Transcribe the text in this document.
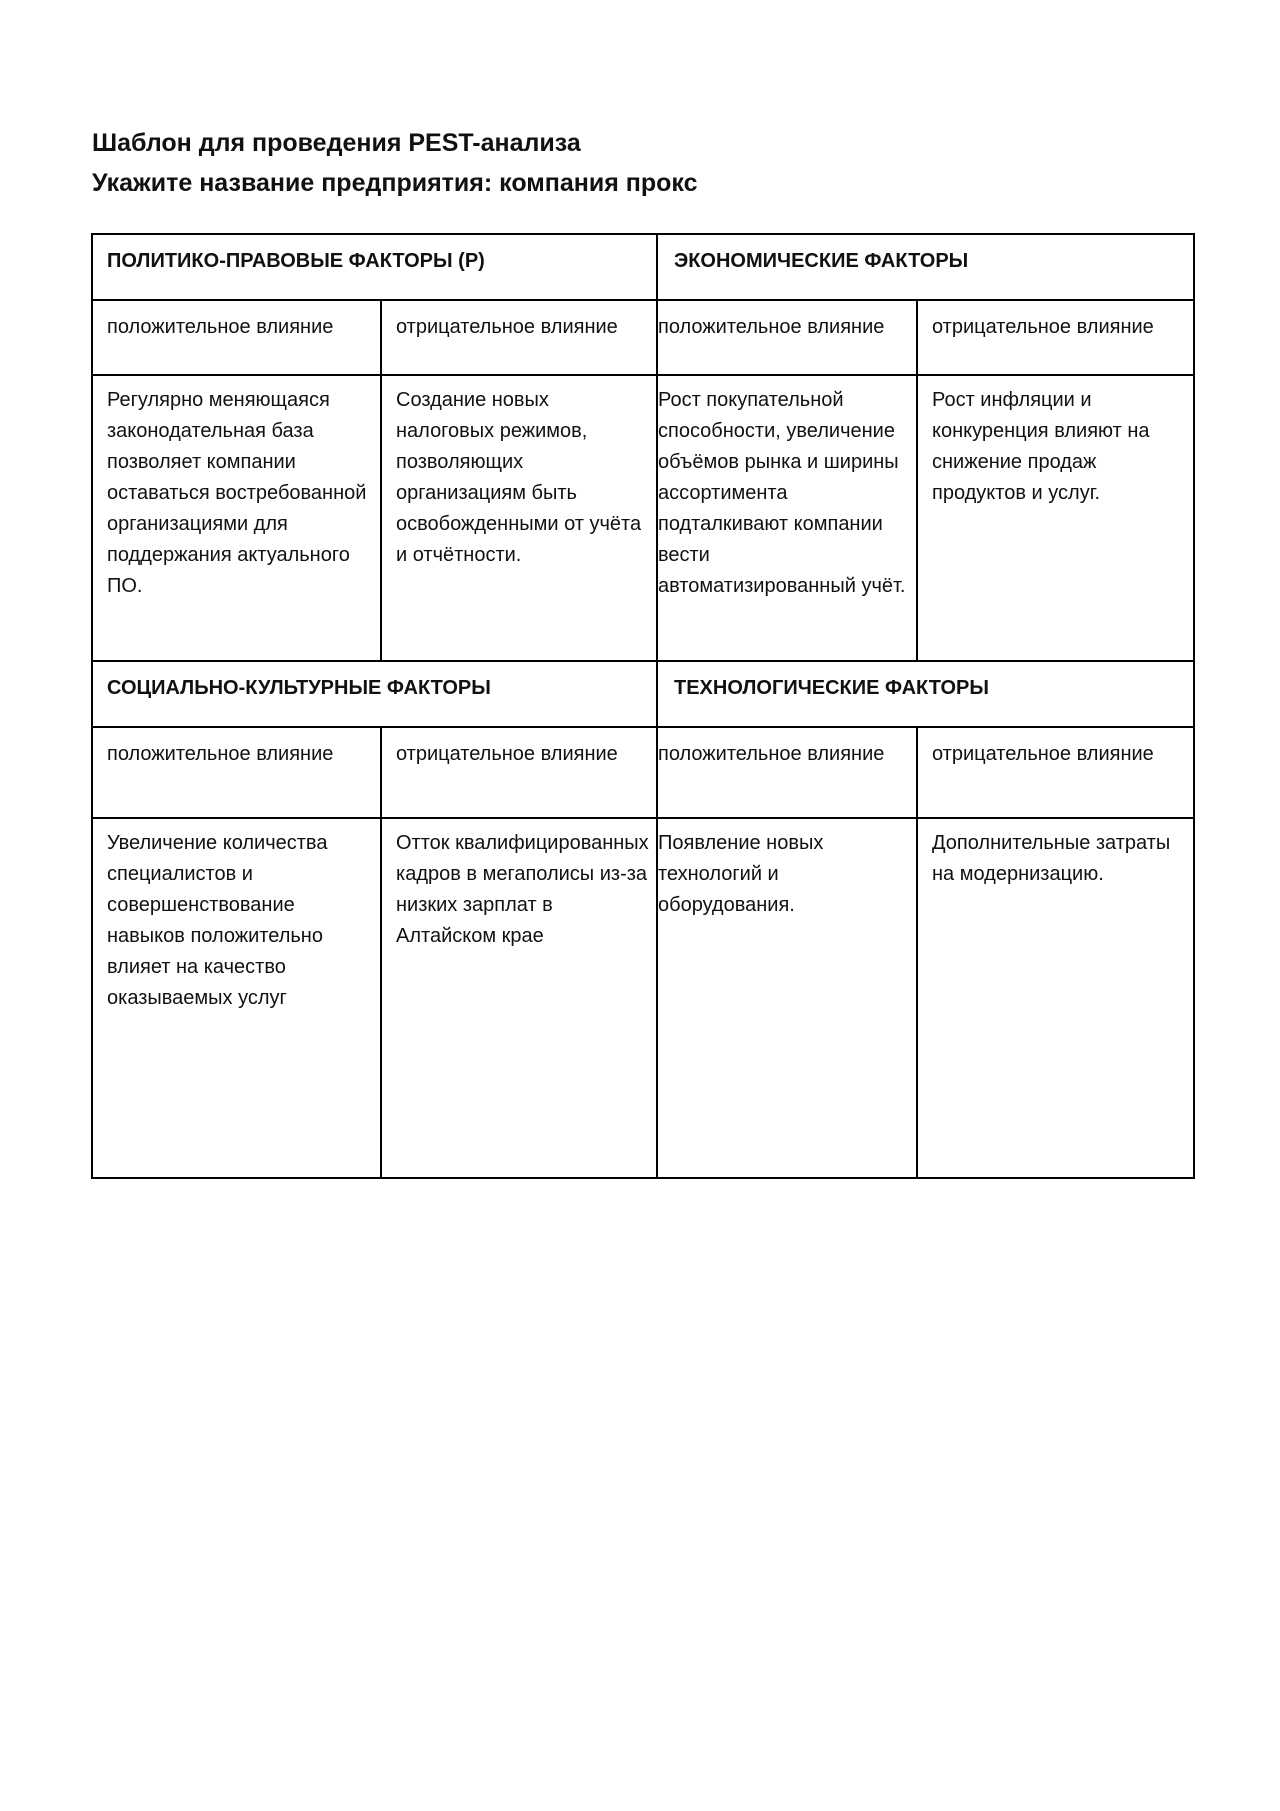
Шаблон для проведения PEST-анализа
Укажите название предприятия: компания прокс
ПОЛИТИКО-ПРАВОВЫЕ ФАКТОРЫ (P)		ЭКОНОМИЧЕСКИЕ ФАКТОРЫ	
положительное влияние	отрицательное влияние	положительное влияние	отрицательное влияние
Регулярно меняющаяся законодательная база позволяет компании оставаться востребованной организациями для поддержания актуального ПО.	Создание новых налоговых режимов, позволяющих организациям быть освобожденными от учёта и отчётности.	Рост покупательной способности, увеличение объёмов рынка и ширины ассортимента подталкивают компании вести автоматизированный учёт.	Рост инфляции и конкуренция влияют на снижение продаж продуктов и услуг.
СОЦИАЛЬНО-КУЛЬТУРНЫЕ ФАКТОРЫ		ТЕХНОЛОГИЧЕСКИЕ ФАКТОРЫ	
положительное влияние	отрицательное влияние	положительное влияние	отрицательное влияние
Увеличение количества специалистов и совершенствование навыков положительно влияет на качество оказываемых услуг	Отток квалифицированных кадров в мегаполисы из-за низких зарплат в Алтайском крае	Появление новых технологий и оборудования.	Дополнительные затраты на модернизацию.
